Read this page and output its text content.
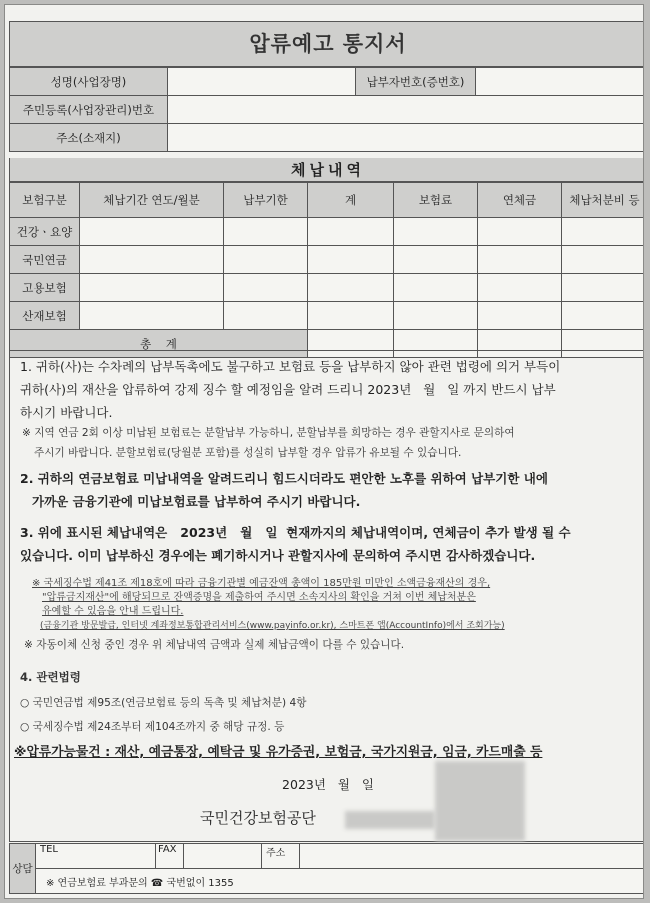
압류예고 통지서
성명(사업장명)		납부자번호(증번호)	
주민등록(사업장관리)번호			
주소(소재지)			
체납내역
보험구분	체납기간 연도/월분	납부기한	계	보험료	연체금	체납처분비 등
건강ㆍ요양						
국민연금						
고용보험						
산재보험						
총    계						
1. 귀하(사)는 수차례의 납부독촉에도 불구하고 보험료 등을 납부하지 않아 관련 법령에 의거 부득이
귀하(사)의 재산을 압류하여 강제 징수 할 예정임을 알려 드리니 2023년   월   일 까지 반드시 납부
하시기 바랍니다.
※ 지역 연금 2회 이상 미납된 보험료는 분할납부 가능하니, 분할납부를 희망하는 경우 관할지사로 문의하여
주시기 바랍니다. 분할보험료(당월분 포함)를 성실히 납부할 경우 압류가 유보될 수 있습니다.
2. 귀하의 연금보험료 미납내역을 알려드리니 힘드시더라도 편안한 노후를 위하여 납부기한 내에
가까운 금융기관에 미납보험료를 납부하여 주시기 바랍니다.
3. 위에 표시된 체납내역은   2023년   월   일  현재까지의 체납내역이며, 연체금이 추가 발생 될 수
있습니다. 이미 납부하신 경우에는 폐기하시거나 관할지사에 문의하여 주시면 감사하겠습니다.
※ 국세징수법 제41조 제18호에 따라 금융기관별 예금잔액 총액이 185만원 미만인 소액금융재산의 경우,
"압류금지재산"에 해당되므로 잔액증명을 제출하여 주시면 소속지사의 확인을 거쳐 이번 체납처분은
유예할 수 있음을 안내 드립니다.
(금융기관 방문발급, 인터넷 계좌정보통합관리서비스(www.payinfo.or.kr), 스마트폰 앱(AccountInfo)에서 조회가능)
※ 자동이체 신청 중인 경우 위 체납내역 금액과 실제 체납금액이 다를 수 있습니다.
4. 관련법령
○ 국민연금법 제95조(연금보험료 등의 독촉 및 체납처분) 4항
○ 국세징수법 제24조부터 제104조까지 중 해당 규정. 등
※압류가능물건 : 재산, 예금통장, 예탁금 및 유가증권, 보험금, 국가지원금, 임금, 카드매출 등
2023년   월   일
국민건강보험공단
상담	TEL	FAX		주소	
※ 연금보험료 부과문의 ☎ 국번없이 1355
